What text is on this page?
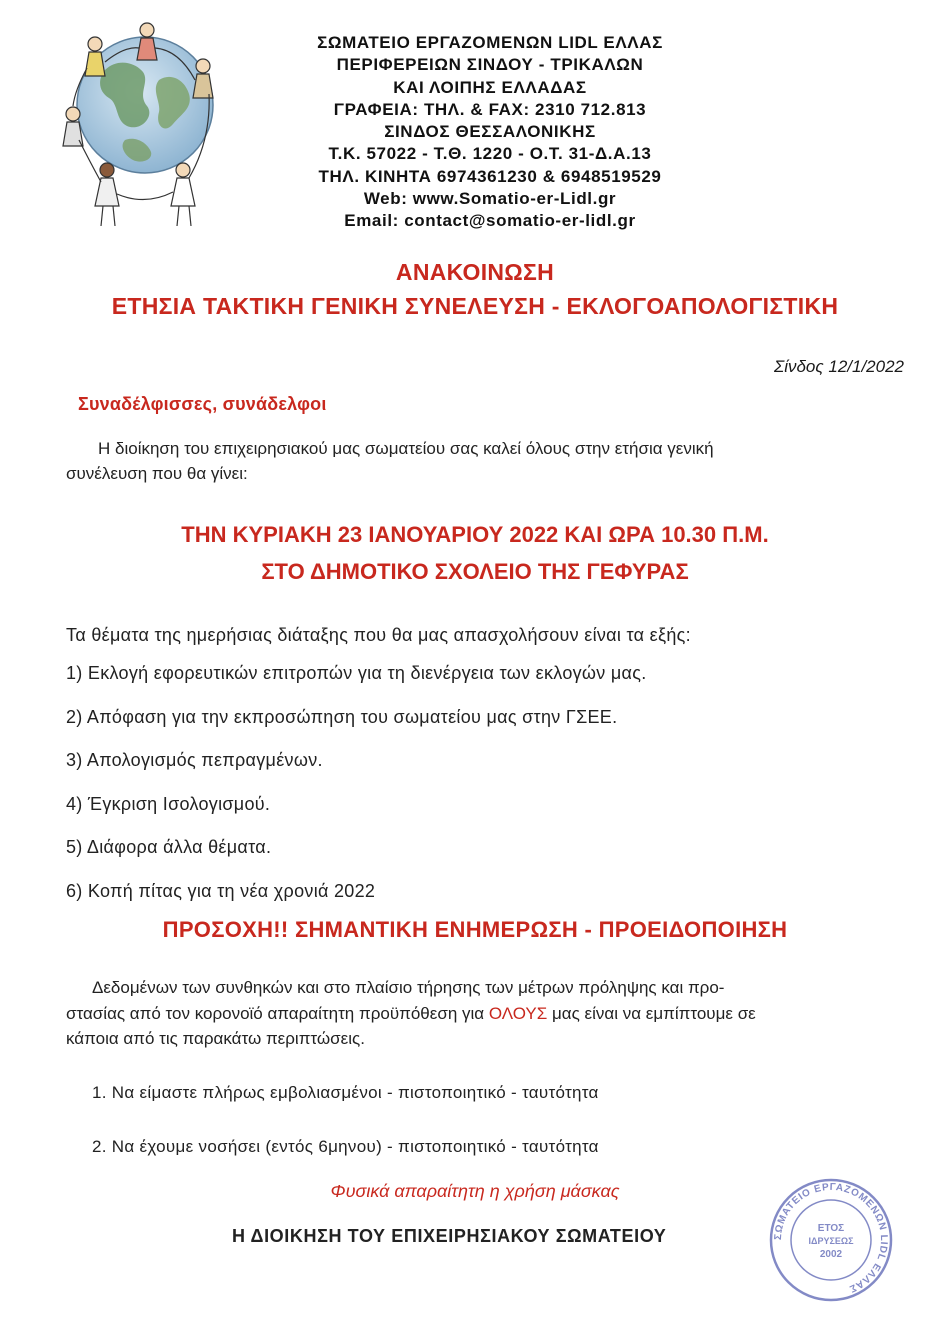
ΣΩΜΑΤΕΙΟ ΕΡΓΑΖΟΜΕΝΩΝ LIDL ΕΛΛΑΣ
ΠΕΡΙΦΕΡΕΙΩΝ ΣΙΝΔΟΥ - ΤΡΙΚΑΛΩΝ
ΚΑΙ ΛΟΙΠΗΣ ΕΛΛΑΔΑΣ
ΓΡΑΦΕΙΑ: ΤΗΛ. & FAX: 2310 712.813
ΣΙΝΔΟΣ ΘΕΣΣΑΛΟΝΙΚΗΣ
Τ.Κ. 57022 - Τ.Θ. 1220 - Ο.Τ. 31-Δ.Α.13
ΤΗΛ. ΚΙΝΗΤΑ 6974361230 & 6948519529
Web: www.Somatio-er-Lidl.gr
Email: contact@somatio-er-lidl.gr
ΑΝΑΚΟΙΝΩΣΗ
ΕΤΗΣΙΑ ΤΑΚΤΙΚΗ ΓΕΝΙΚΗ ΣΥΝΕΛΕΥΣΗ - ΕΚΛΟΓΟΑΠΟΛΟΓΙΣΤΙΚΗ
Σίνδος 12/1/2022
Συναδέλφισσες, συνάδελφοι
Η διοίκηση του επιχειρησιακού μας σωματείου σας καλεί όλους στην ετήσια γενική
συνέλευση που θα γίνει:
ΤΗΝ ΚΥΡΙΑΚΗ 23 ΙΑΝΟΥΑΡΙΟΥ 2022 ΚΑΙ ΩΡΑ 10.30 Π.Μ.
ΣΤΟ ΔΗΜΟΤΙΚΟ ΣΧΟΛΕΙΟ ΤΗΣ ΓΕΦΥΡΑΣ
Τα θέματα της ημερήσιας διάταξης που θα μας απασχολήσουν είναι τα εξής:
1) Εκλογή εφορευτικών επιτροπών για τη διενέργεια των εκλογών μας.
2) Απόφαση για την εκπροσώπηση του σωματείου μας στην ΓΣΕΕ.
3) Απολογισμός πεπραγμένων.
4) Έγκριση Ισολογισμού.
5) Διάφορα άλλα θέματα.
6) Κοπή πίτας για τη νέα χρονιά 2022
ΠΡΟΣΟΧΗ!! ΣΗΜΑΝΤΙΚΗ ΕΝΗΜΕΡΩΣΗ - ΠΡΟΕΙΔΟΠΟΙΗΣΗ
Δεδομένων των συνθηκών και στο πλαίσιο τήρησης των μέτρων πρόληψης και προ-
στασίας από τον κορονοϊό απαραίτητη προϋπόθεση για ΟΛΟΥΣ μας είναι να εμπίπτουμε σε
κάποια από τις παρακάτω περιπτώσεις.
1. Να είμαστε πλήρως εμβολιασμένοι - πιστοποιητικό - ταυτότητα
2. Να έχουμε νοσήσει (εντός 6μηνου) - πιστοποιητικό - ταυτότητα
Φυσικά απαραίτητη η χρήση μάσκας
Η ΔΙΟΙΚΗΣΗ ΤΟΥ ΕΠΙΧΕΙΡΗΣΙΑΚΟΥ ΣΩΜΑΤΕΙΟΥ	ΣΩΜΑΤΕΙΟ ΕΡΓΑΖΟΜΕΝΩΝ LIDL ΕΛΛΑΣ
ΕΤΟΣ
ΙΔΡΥΣΕΩΣ
2002
